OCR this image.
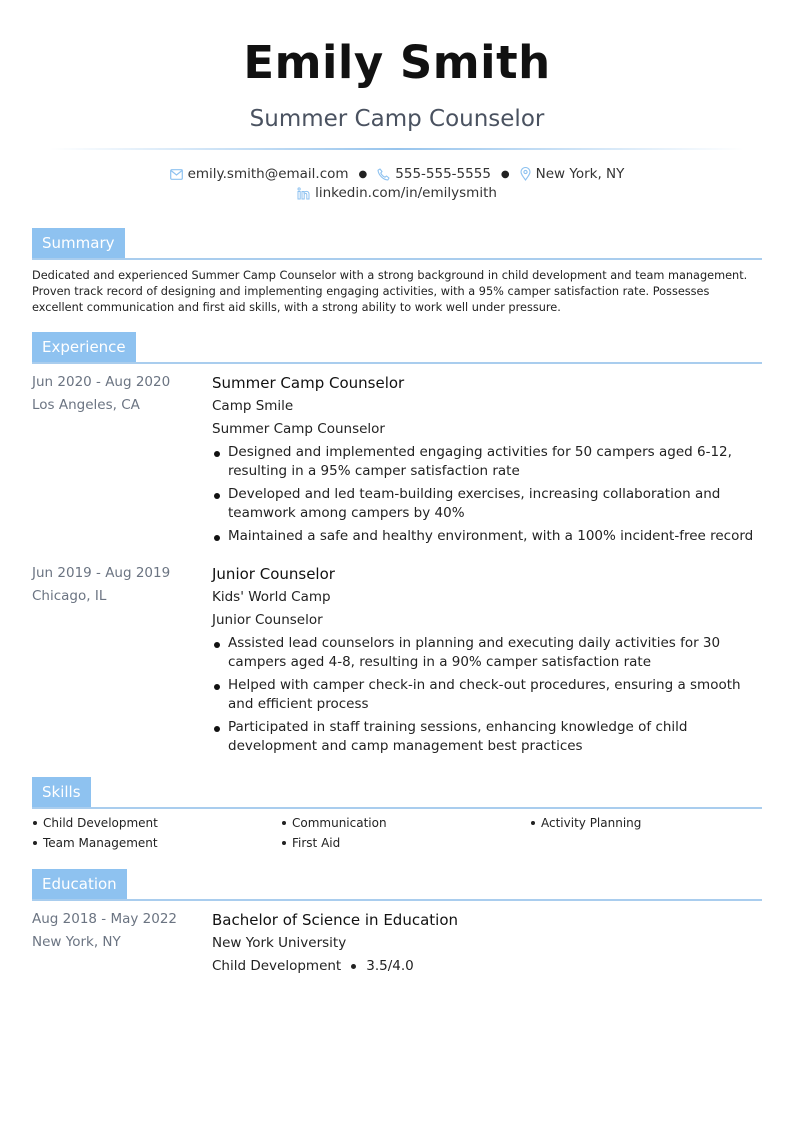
Emily Smith
Summer Camp Counselor
emily.smith@email.com ● 555-555-5555 ● New York, NY
linkedin.com/in/emilysmith
Summary
Dedicated and experienced Summer Camp Counselor with a strong background in child development and team management. Proven track record of designing and implementing engaging activities, with a 95% camper satisfaction rate. Possesses excellent communication and first aid skills, with a strong ability to work well under pressure.
Experience
Jun 2020 - Aug 2020
Los Angeles, CA
Summer Camp Counselor
Camp Smile
Summer Camp Counselor
Designed and implemented engaging activities for 50 campers aged 6-12, resulting in a 95% camper satisfaction rate
Developed and led team-building exercises, increasing collaboration and teamwork among campers by 40%
Maintained a safe and healthy environment, with a 100% incident-free record
Jun 2019 - Aug 2019
Chicago, IL
Junior Counselor
Kids' World Camp
Junior Counselor
Assisted lead counselors in planning and executing daily activities for 30 campers aged 4-8, resulting in a 90% camper satisfaction rate
Helped with camper check-in and check-out procedures, ensuring a smooth and efficient process
Participated in staff training sessions, enhancing knowledge of child development and camp management best practices
Skills
Child Development	Communication	Activity Planning
Team Management	First Aid
Education
Aug 2018 - May 2022
New York, NY
Bachelor of Science in Education
New York University
Child Development 3.5/4.0
